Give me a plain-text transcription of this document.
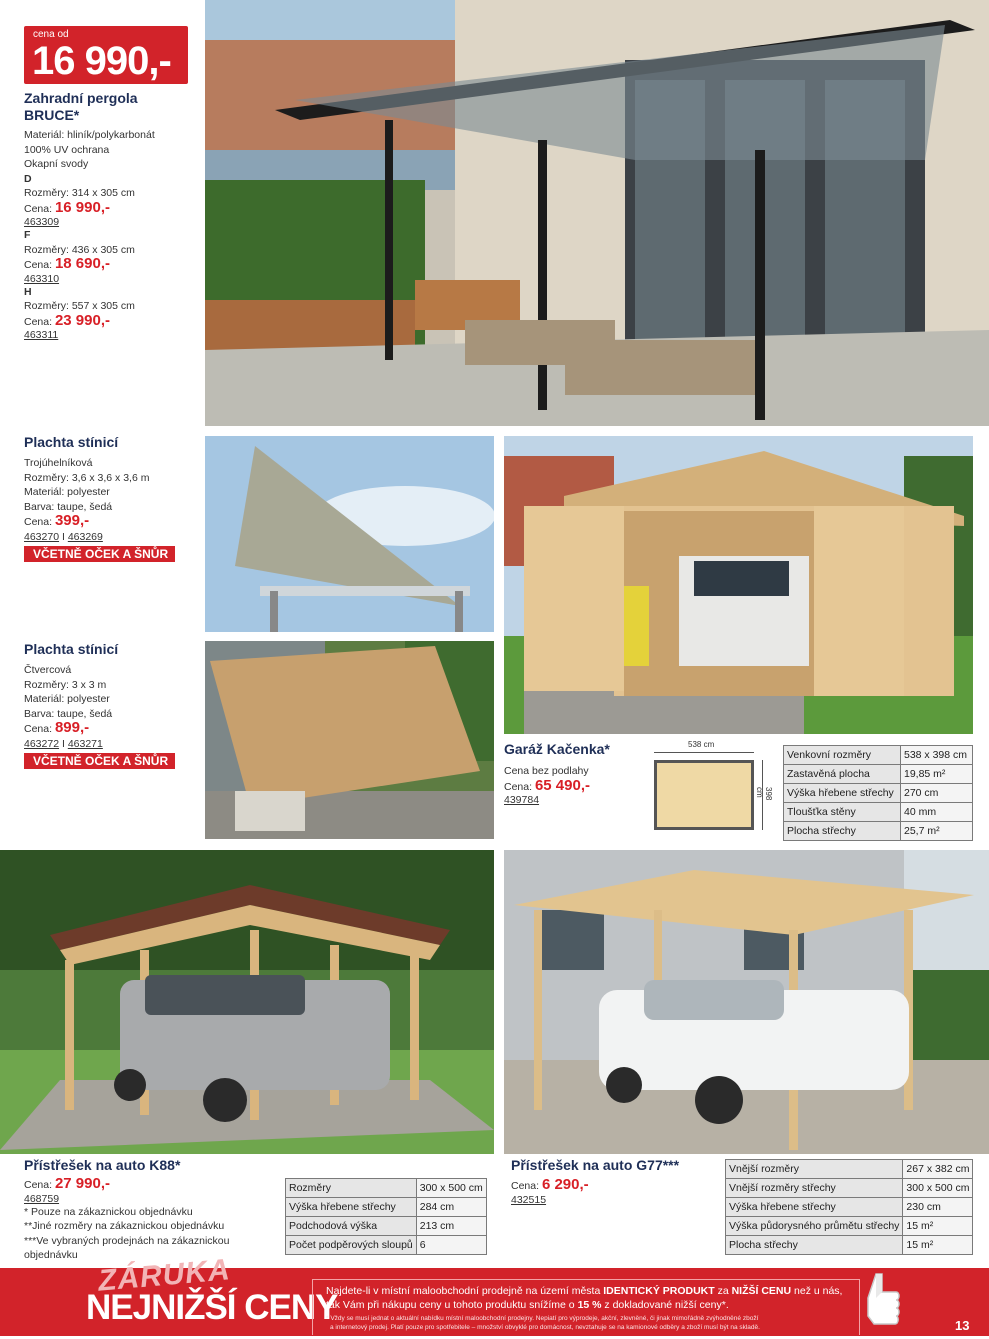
cena od
16 990,-
Zahradní pergola
BRUCE*
Materiál: hliník/polykarbonát
100% UV ochrana
Okapní svody
D
Rozměry: 314 x 305 cm
Cena: 16 990,-
463309
F
Rozměry: 436 x 305 cm
Cena: 18 690,-
463310
H
Rozměry: 557 x 305 cm
Cena: 23 990,-
463311
Plachta stínicí
Trojúhelníková
Rozměry: 3,6 x 3,6 x 3,6 m
Materiál: polyester
Barva: taupe, šedá
Cena: 399,-
463270 I 463269
VČETNĚ OČEK A ŠNŮR
Plachta stínicí
Čtvercová
Rozměry: 3 x 3 m
Materiál: polyester
Barva: taupe, šedá
Cena: 899,-
463272 I 463271
VČETNĚ OČEK A ŠNŮR
Garáž Kačenka*
Cena bez podlahy
Cena: 65 490,-
439784
538 cm
398 cm
Venkovní rozměry	538 x 398 cm
Zastavěná plocha	19,85 m²
Výška hřebene střechy	270 cm
Tloušťka stěny	40 mm
Plocha střechy	25,7 m²
Přístřešek na auto K88*
Cena: 27 990,-
468759
* Pouze na zákaznickou objednávku
**Jiné rozměry na zákaznickou objednávku
***Ve vybraných prodejnách na zákaznickou objednávku
Rozměry	300 x 500 cm
Výška hřebene střechy	284 cm
Podchodová výška	213 cm
Počet podpěrových sloupů	6
Přístřešek na auto G77***
Cena: 6 290,-
432515
Vnější rozměry	267 x 382 cm
Vnější rozměry střechy	300 x 500 cm
Výška hřebene střechy	230 cm
Výška půdorysného průmětu střechy	15 m²
Plocha střechy	15 m²
ZÁRUKA
NEJNIŽŠÍ CENY
Najdete-li v místní maloobchodní prodejně na území města IDENTICKÝ PRODUKT za NIŽŠÍ CENU než u nás,
tak Vám při nákupu ceny u tohoto produktu snížíme o 15 % z dokladované nižší ceny*.
* Vždy se musí jednat o aktuální nabídku místní maloobchodní prodejny. Nepiatí pro výprodeje, akční, zlevněné, či jinak mimořádně zvýhodněné zboží
a internetový prodej. Platí pouze pro spotřebitele – množství obvyklé pro domácnost, nevztahuje se na kamionové odběry a zboží musí být na skladě.	13
